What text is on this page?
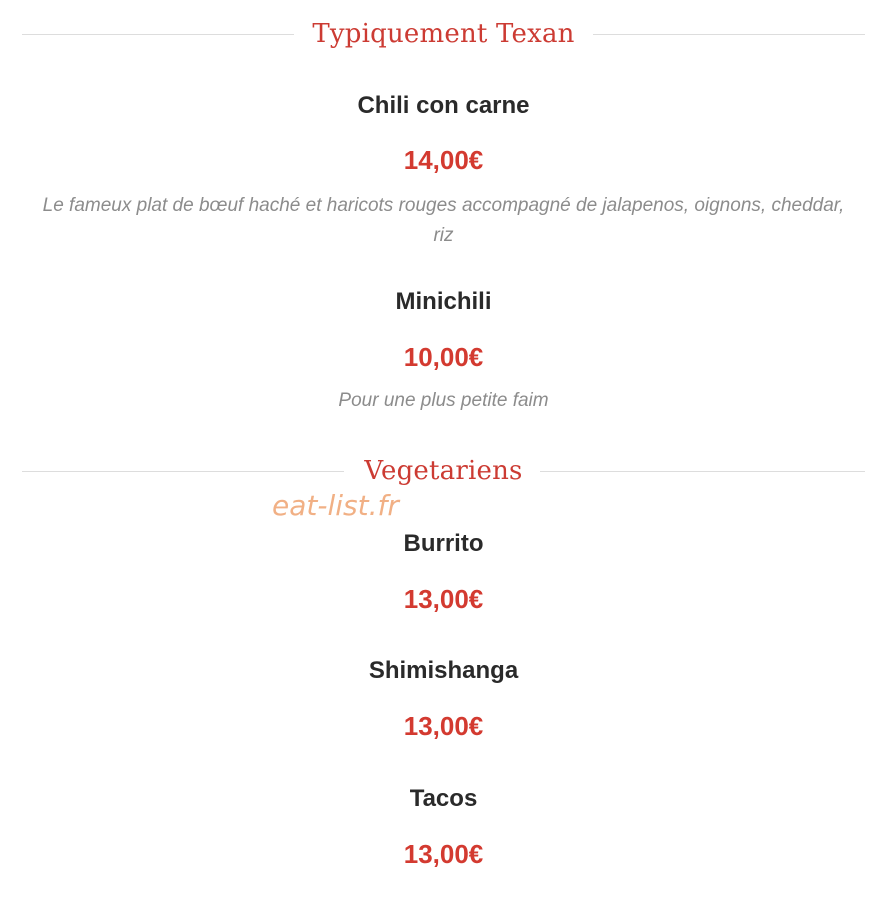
Typiquement Texan
Chili con carne
14,00€
Le fameux plat de bœuf haché et haricots rouges accompagné de jalapenos, oignons, cheddar, riz
Minichili
10,00€
Pour une plus petite faim
Vegetariens
eat-list.fr
Burrito
13,00€
Shimishanga
13,00€
Tacos
13,00€
